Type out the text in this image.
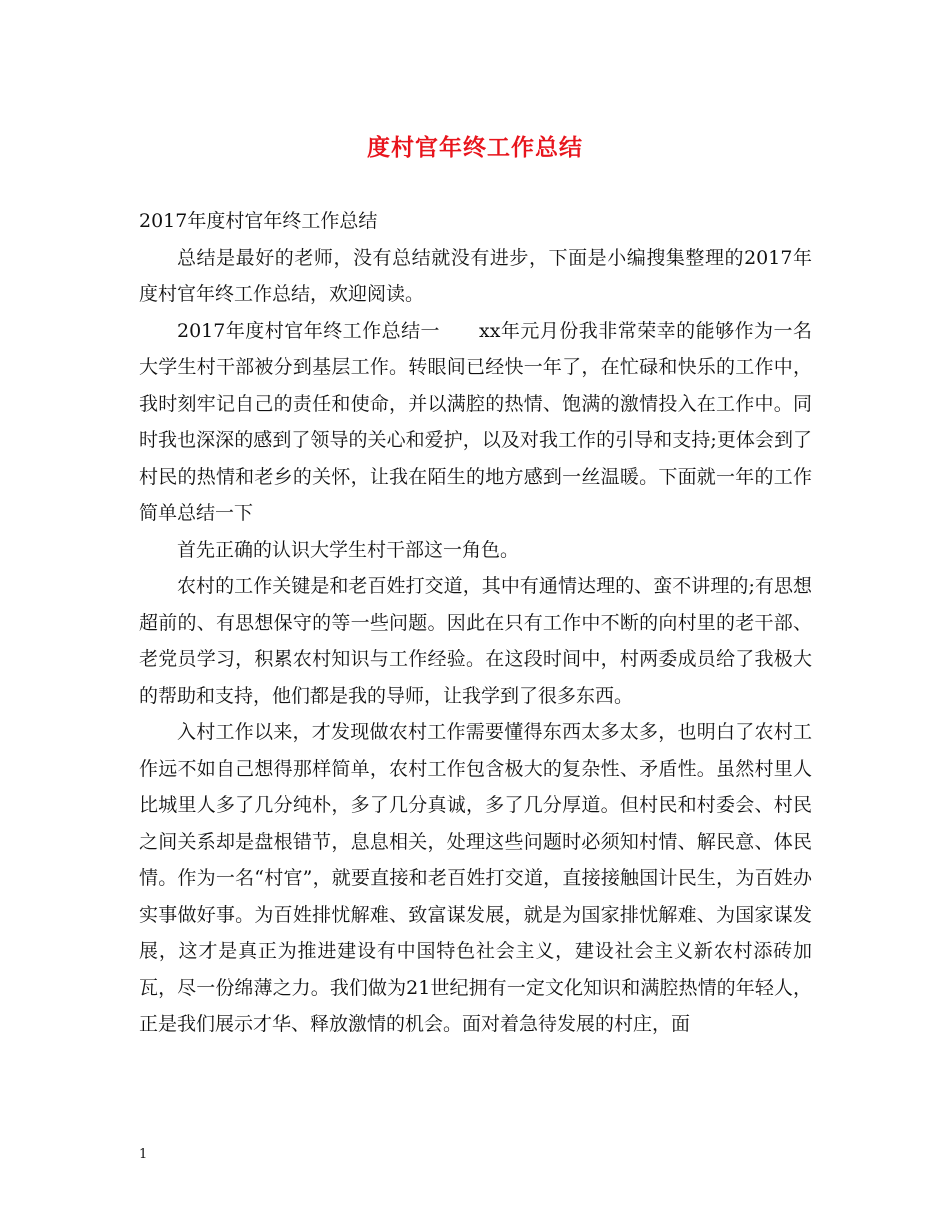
度村官年终工作总结

2017年度村官年终工作总结

总结是最好的老师，没有总结就没有进步，下面是小编搜集整理的2017年度村官年终工作总结，欢迎阅读。

2017年度村官年终工作总结一　　xx年元月份我非常荣幸的能够作为一名大学生村干部被分到基层工作。转眼间已经快一年了，在忙碌和快乐的工作中，我时刻牢记自己的责任和使命，并以满腔的热情、饱满的激情投入在工作中。同时我也深深的感到了领导的关心和爱护，以及对我工作的引导和支持;更体会到了村民的热情和老乡的关怀，让我在陌生的地方感到一丝温暖。下面就一年的工作简单总结一下

首先正确的认识大学生村干部这一角色。

农村的工作关键是和老百姓打交道，其中有通情达理的、蛮不讲理的;有思想超前的、有思想保守的等一些问题。因此在只有工作中不断的向村里的老干部、老党员学习，积累农村知识与工作经验。在这段时间中，村两委成员给了我极大的帮助和支持，他们都是我的导师，让我学到了很多东西。

入村工作以来，才发现做农村工作需要懂得东西太多太多，也明白了农村工作远不如自己想得那样简单，农村工作包含极大的复杂性、矛盾性。虽然村里人比城里人多了几分纯朴，多了几分真诚，多了几分厚道。但村民和村委会、村民之间关系却是盘根错节，息息相关，处理这些问题时必须知村情、解民意、体民情。作为一名“村官”，就要直接和老百姓打交道，直接接触国计民生，为百姓办实事做好事。为百姓排忧解难、致富谋发展，就是为国家排忧解难、为国家谋发展，这才是真正为推进建设有中国特色社会主义，建设社会主义新农村添砖加瓦，尽一份绵薄之力。我们做为21世纪拥有一定文化知识和满腔热情的年轻人，正是我们展示才华、释放激情的机会。面对着急待发展的村庄，面

1
